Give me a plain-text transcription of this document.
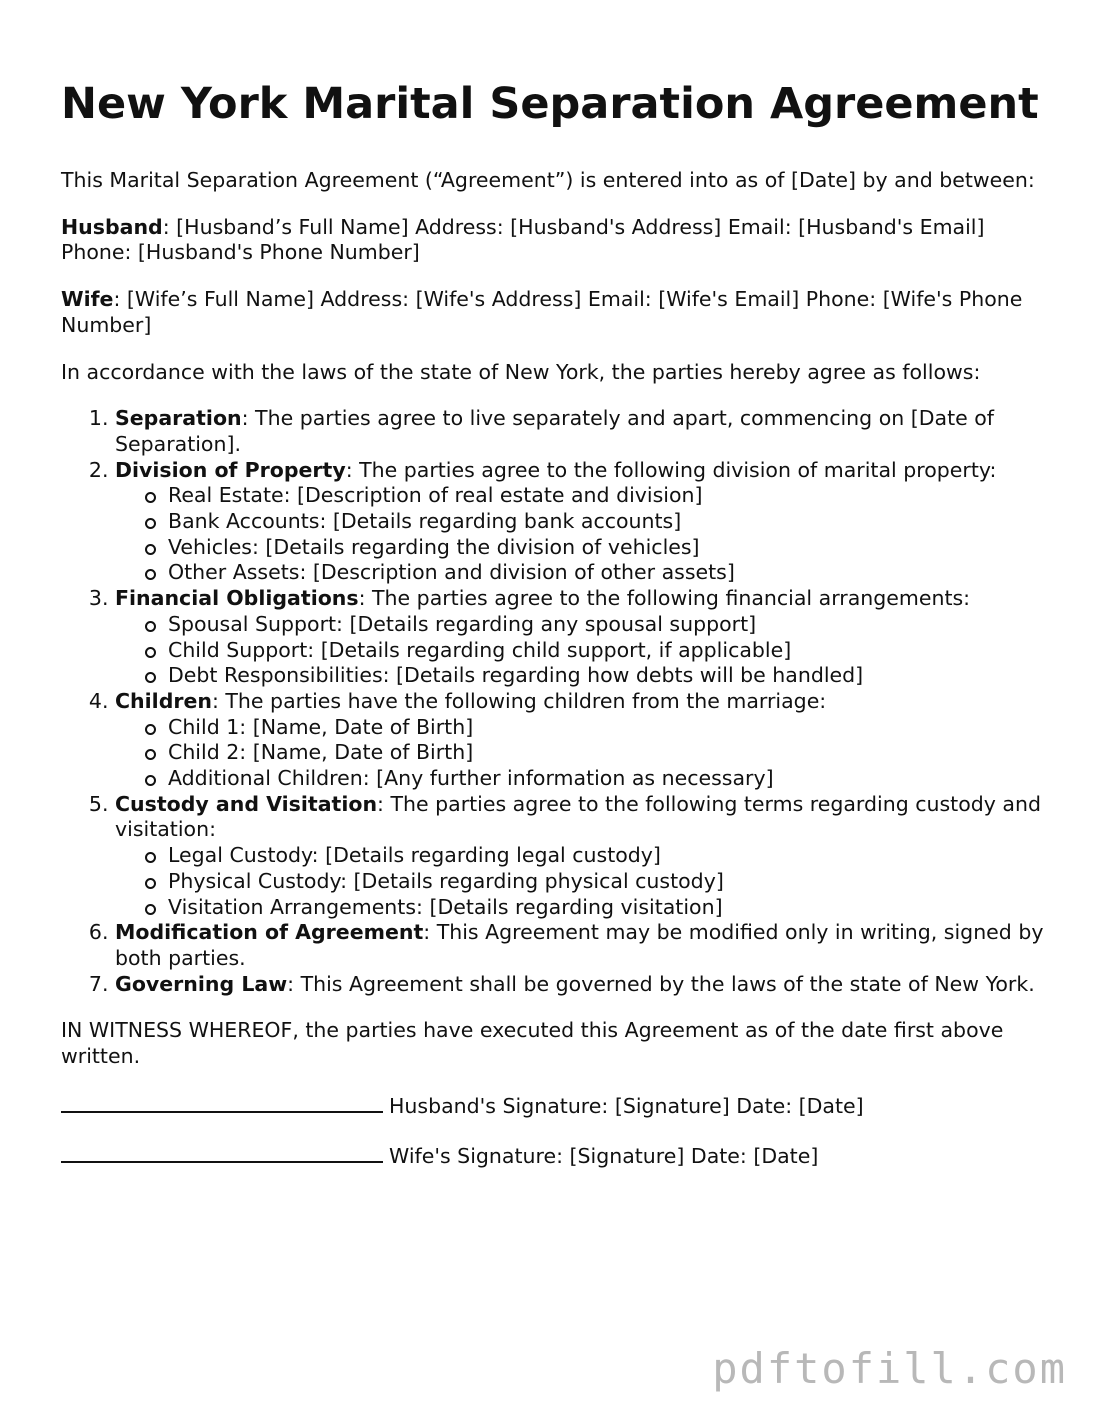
New York Marital Separation Agreement

This Marital Separation Agreement (“Agreement”) is entered into as of [Date] by and between:

Husband: [Husband’s Full Name] Address: [Husband's Address] Email: [Husband's Email] Phone: [Husband's Phone Number]

Wife: [Wife’s Full Name] Address: [Wife's Address] Email: [Wife's Email] Phone: [Wife's Phone Number]

In accordance with the laws of the state of New York, the parties hereby agree as follows:

1. Separation: The parties agree to live separately and apart, commencing on [Date of Separation].
2. Division of Property: The parties agree to the following division of marital property:
Real Estate: [Description of real estate and division]
Bank Accounts: [Details regarding bank accounts]
Vehicles: [Details regarding the division of vehicles]
Other Assets: [Description and division of other assets]
3. Financial Obligations: The parties agree to the following financial arrangements:
Spousal Support: [Details regarding any spousal support]
Child Support: [Details regarding child support, if applicable]
Debt Responsibilities: [Details regarding how debts will be handled]
4. Children: The parties have the following children from the marriage:
Child 1: [Name, Date of Birth]
Child 2: [Name, Date of Birth]
Additional Children: [Any further information as necessary]
5. Custody and Visitation: The parties agree to the following terms regarding custody and visitation:
Legal Custody: [Details regarding legal custody]
Physical Custody: [Details regarding physical custody]
Visitation Arrangements: [Details regarding visitation]
6. Modification of Agreement: This Agreement may be modified only in writing, signed by both parties.
7. Governing Law: This Agreement shall be governed by the laws of the state of New York.

IN WITNESS WHEREOF, the parties have executed this Agreement as of the date first above written.

Husband's Signature: [Signature] Date: [Date]
Wife's Signature: [Signature] Date: [Date]
pdftofill.com
